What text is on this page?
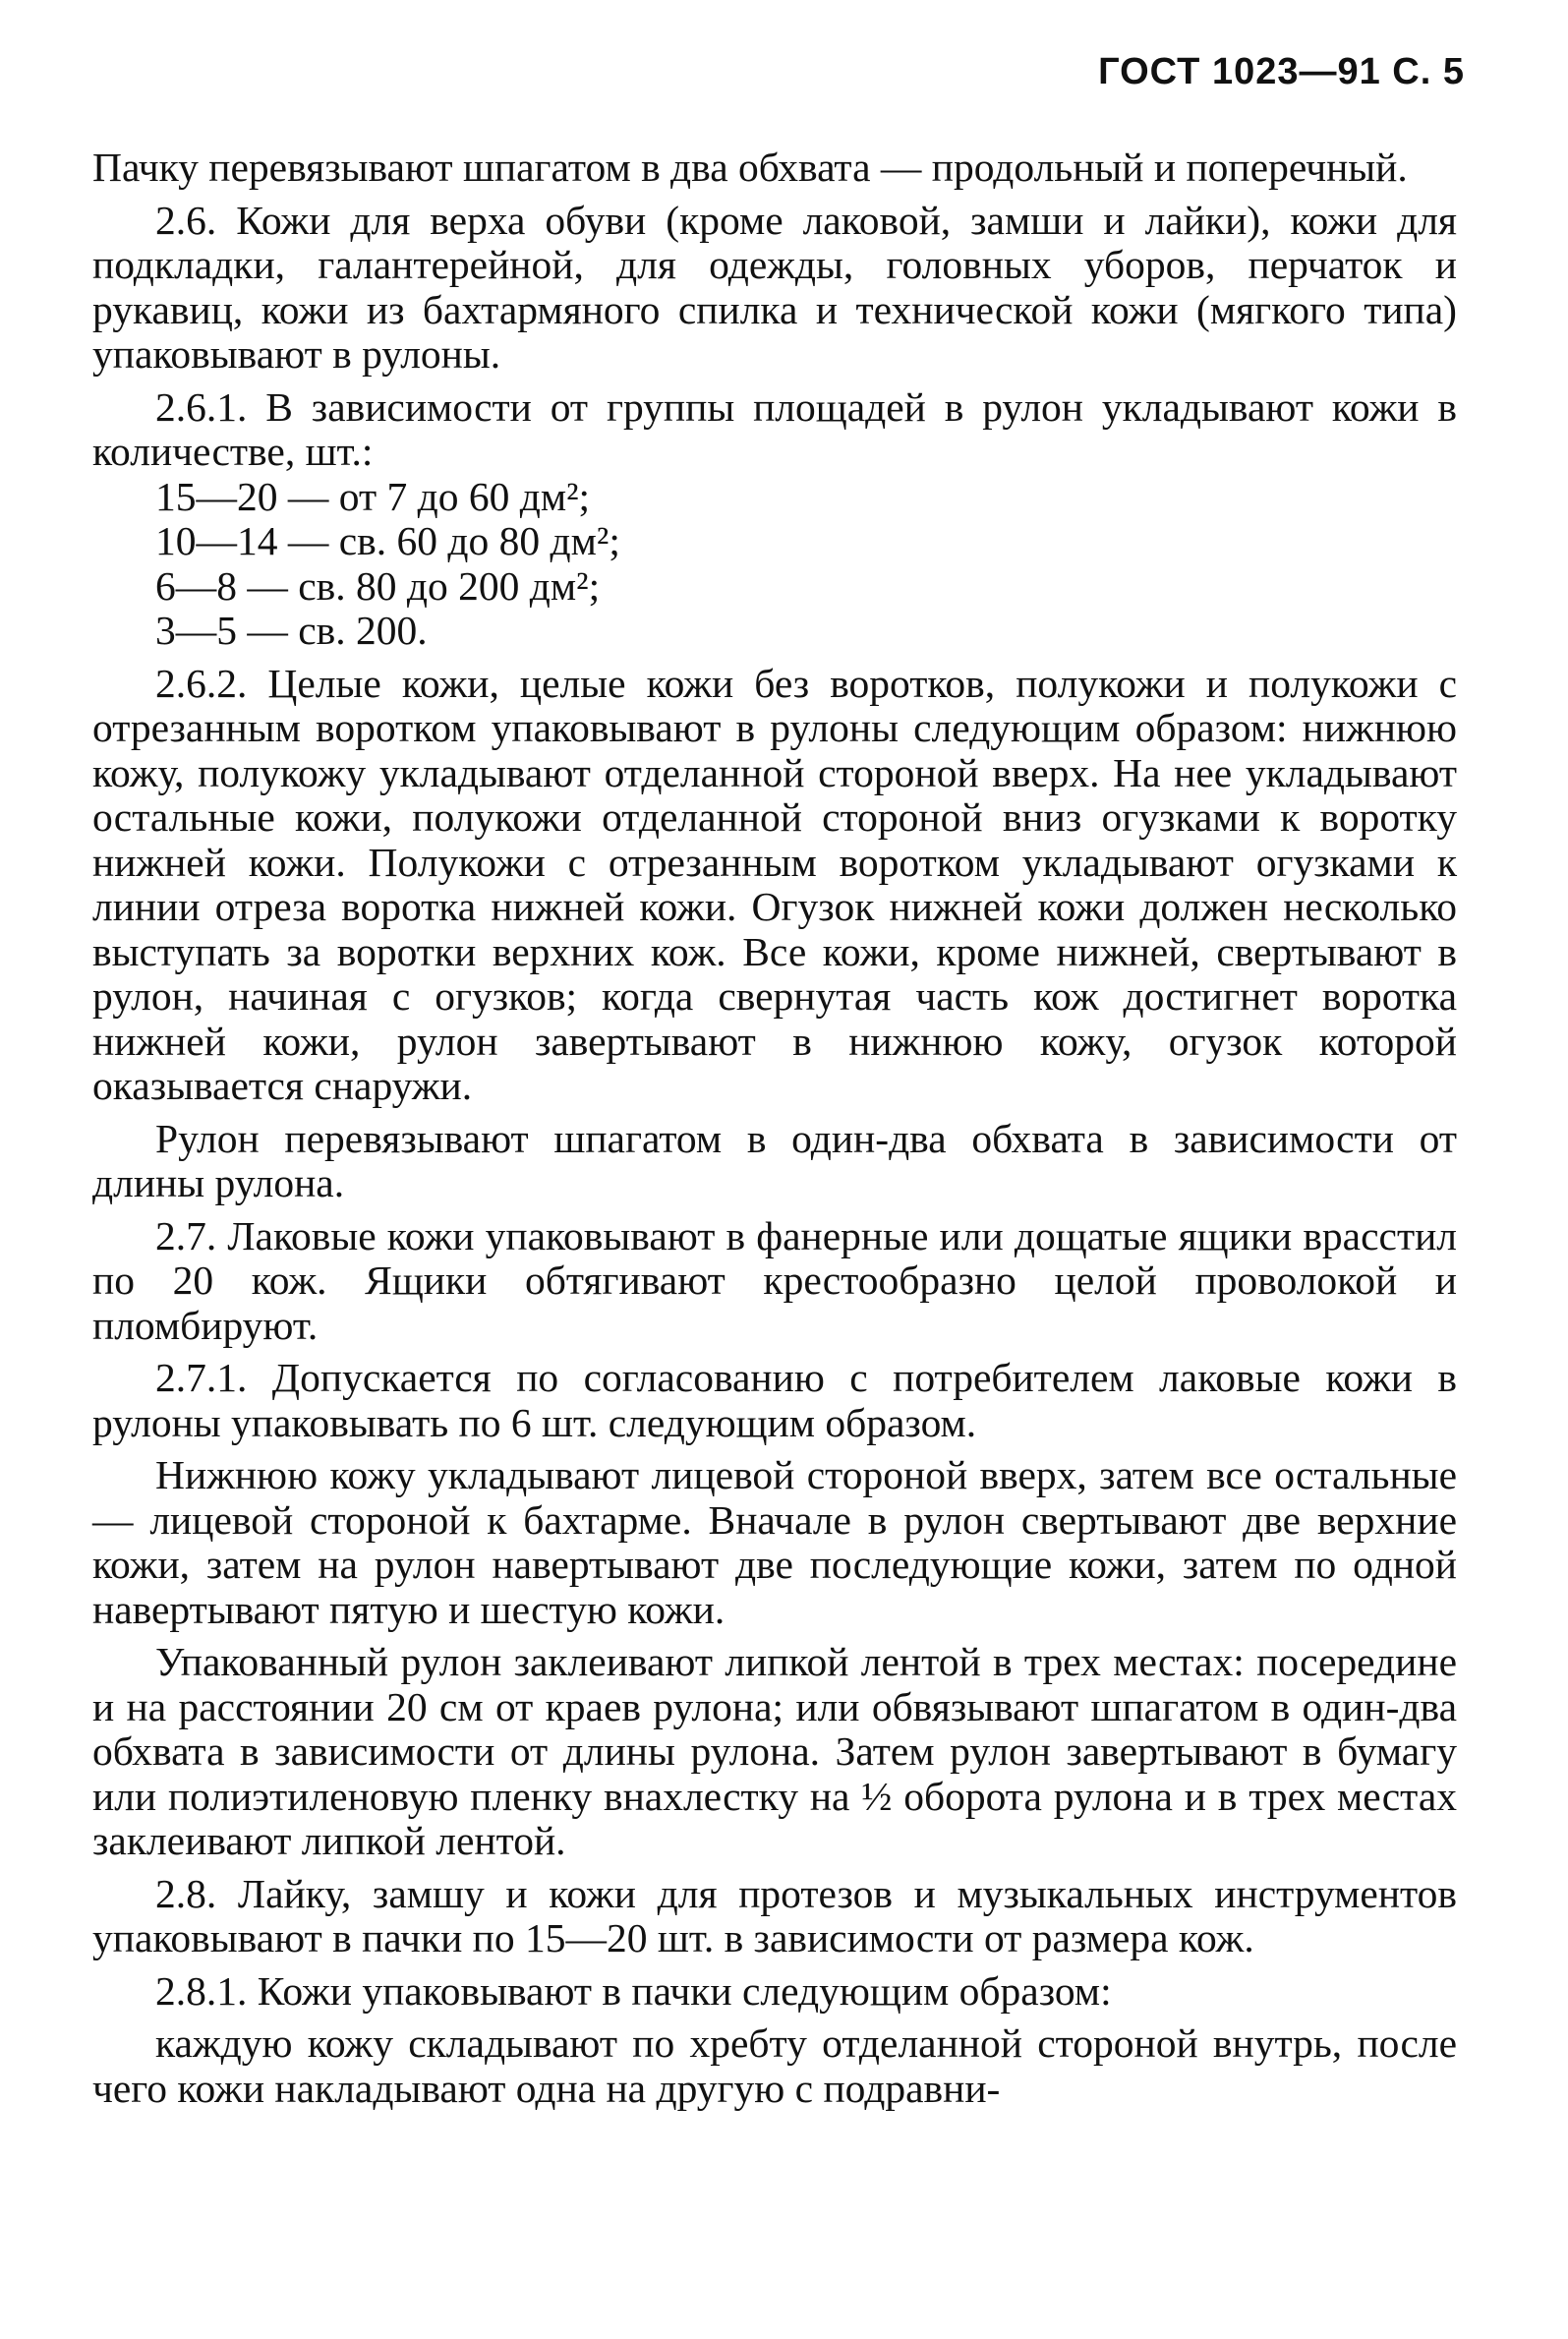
ГОСТ 1023—91 С. 5

Пачку перевязывают шпагатом в два обхвата — продольный и поперечный.

2.6. Кожи для верха обуви (кроме лаковой, замши и лайки), кожи для подкладки, галантерейной, для одежды, головных уборов, перчаток и рукавиц, кожи из бахтармяного спилка и технической кожи (мягкого типа) упаковывают в рулоны.

2.6.1. В зависимости от группы площадей в рулон укладывают кожи в количестве, шт.:

15—20 — от 7 до 60 дм²;

10—14 — св. 60 до 80 дм²;

6—8 — св. 80 до 200 дм²;

3—5 — св. 200.

2.6.2. Целые кожи, целые кожи без воротков, полукожи и полукожи с отрезанным воротком упаковывают в рулоны следующим образом: нижнюю кожу, полукожу укладывают отделанной стороной вверх. На нее укладывают остальные кожи, полукожи отделанной стороной вниз огузками к воротку нижней кожи. Полукожи с отрезанным воротком укладывают огузками к линии отреза воротка нижней кожи. Огузок нижней кожи должен несколько выступать за воротки верхних кож. Все кожи, кроме нижней, свертывают в рулон, начиная с огузков; когда свернутая часть кож достигнет воротка нижней кожи, рулон завертывают в нижнюю кожу, огузок которой оказывается снаружи.

Рулон перевязывают шпагатом в один-два обхвата в зависимости от длины рулона.

2.7. Лаковые кожи упаковывают в фанерные или дощатые ящики врасстил по 20 кож. Ящики обтягивают крестообразно целой проволокой и пломбируют.

2.7.1. Допускается по согласованию с потребителем лаковые кожи в рулоны упаковывать по 6 шт. следующим образом.

Нижнюю кожу укладывают лицевой стороной вверх, затем все остальные — лицевой стороной к бахтарме. Вначале в рулон свертывают две верхние кожи, затем на рулон навертывают две последующие кожи, затем по одной навертывают пятую и шестую кожи.

Упакованный рулон заклеивают липкой лентой в трех местах: посередине и на расстоянии 20 см от краев рулона; или обвязывают шпагатом в один-два обхвата в зависимости от длины рулона. Затем рулон завертывают в бумагу или полиэтиленовую пленку внахлестку на ½ оборота рулона и в трех местах заклеивают липкой лентой.

2.8. Лайку, замшу и кожи для протезов и музыкальных инструментов упаковывают в пачки по 15—20 шт. в зависимости от размера кож.

2.8.1. Кожи упаковывают в пачки следующим образом:

каждую кожу складывают по хребту отделанной стороной внутрь, после чего кожи накладывают одна на другую с подравни-
